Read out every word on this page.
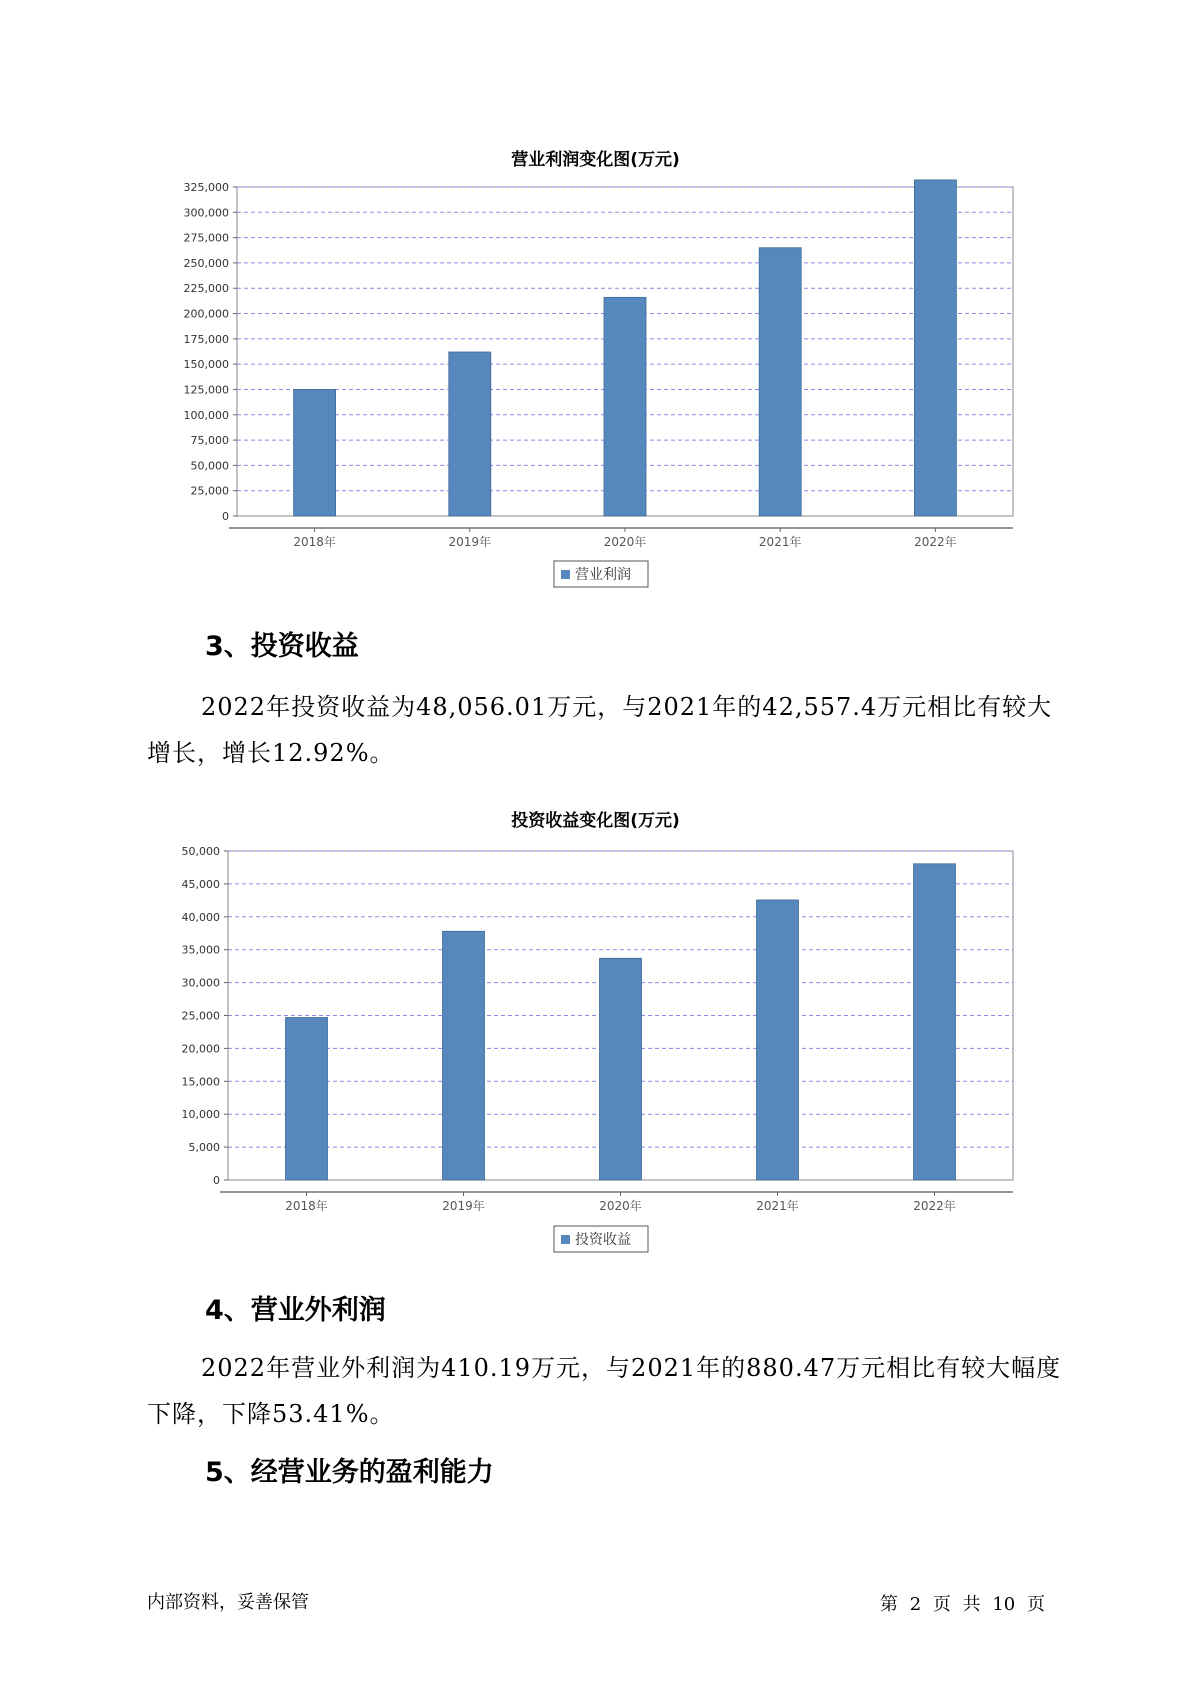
营业利润变化图(万元)
0
25,000
50,000
75,000
100,000
125,000
150,000
175,000
200,000
225,000
250,000
275,000
300,000
325,000
2018年	2019年	2020年	2021年	2022年
营业利润
3、投资收益
2022年投资收益为48,056.01万元，与2021年的42,557.4万元相比有较大增长，增长12.92%。
投资收益变化图(万元)
0
5,000
10,000
15,000
20,000
25,000
30,000
35,000
40,000
45,000
50,000
2018年	2019年	2020年	2021年	2022年
投资收益
4、营业外利润
2022年营业外利润为410.19万元，与2021年的880.47万元相比有较大幅度下降，下降53.41%。
5、经营业务的盈利能力
内部资料，妥善保管	第 2 页 共 10 页
